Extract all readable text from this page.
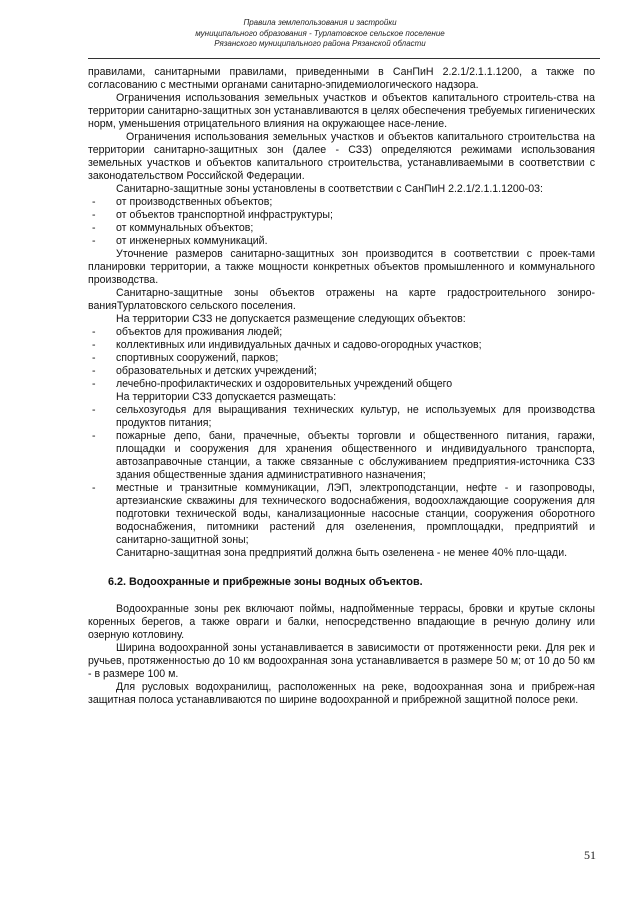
Правила землепользования и застройки
муниципального образования - Турлатовское сельское поселение
Рязанского муниципального района Рязанской области

правилами, санитарными правилами, приведенными в СанПиН 2.2.1/2.1.1.1200, а также по согласованию с местными органами санитарно-эпидемиологического надзора.

Ограничения использования земельных участков и объектов капитального строитель-ства на территории санитарно-защитных зон устанавливаются в целях обеспечения требуемых гигиенических норм, уменьшения отрицательного влияния на окружающее насе-ление.

Ограничения использования земельных участков и объектов капитального строительства на территории санитарно-защитных зон (далее - СЗЗ) определяются режимами использования земельных участков и объектов капитального строительства, устанавливаемыми в соответствии с законодательством Российской Федерации.

Санитарно-защитные зоны установлены в соответствии с СанПиН 2.2.1/2.1.1.1200-03:

- от производственных объектов;
- от объектов транспортной инфраструктуры;
- от коммунальных объектов;
- от инженерных коммуникаций.

Уточнение размеров санитарно-защитных зон производится в соответствии с проек-тами планировки территории, а также мощности конкретных объектов промышленного и коммунального производства.

Санитарно-защитные зоны объектов отражены на карте градостроительного зониро-ванияТурлатовского сельского поселения.

На территории СЗЗ не допускается размещение следующих объектов:

- объектов для проживания людей;
- коллективных или индивидуальных дачных и садово-огородных участков;
- спортивных сооружений, парков;
- образовательных и детских учреждений;
- лечебно-профилактических и оздоровительных учреждений общего

На территории СЗЗ допускается размещать:

- сельхозугодья для выращивания технических культур, не используемых для производства продуктов питания;
- пожарные депо, бани, прачечные, объекты торговли и общественного питания, гаражи, площадки и сооружения для хранения общественного и индивидуального транспорта, автозаправочные станции, а также связанные с обслуживанием предприятия-источника СЗЗ здания общественные здания административного назначения;
- местные и транзитные коммуникации, ЛЭП, электроподстанции, нефте - и газопроводы, артезианские скважины для технического водоснабжения, водоохлаждающие сооружения для подготовки технической воды, канализационные насосные станции, сооружения оборотного водоснабжения, питомники растений для озеленения, промплощадки, предприятий и санитарно-защитной зоны;

Санитарно-защитная зона предприятий должна быть озеленена - не менее 40% пло-щади.

6.2. Водоохранные и прибрежные зоны водных объектов.

Водоохранные зоны рек включают поймы, надпойменные террасы, бровки и крутые склоны коренных берегов, а также овраги и балки, непосредственно впадающие в речную долину или озерную котловину.

Ширина водоохранной зоны устанавливается в зависимости от протяженности реки. Для рек и ручьев, протяженностью до 10 км водоохранная зона устанавливается в размере 50 м; от 10 до 50 км - в размере 100 м.

Для русловых водохранилищ, расположенных на реке, водоохранная зона и прибреж-ная защитная полоса устанавливаются по ширине водоохранной и прибрежной защитной полосе реки.

51
